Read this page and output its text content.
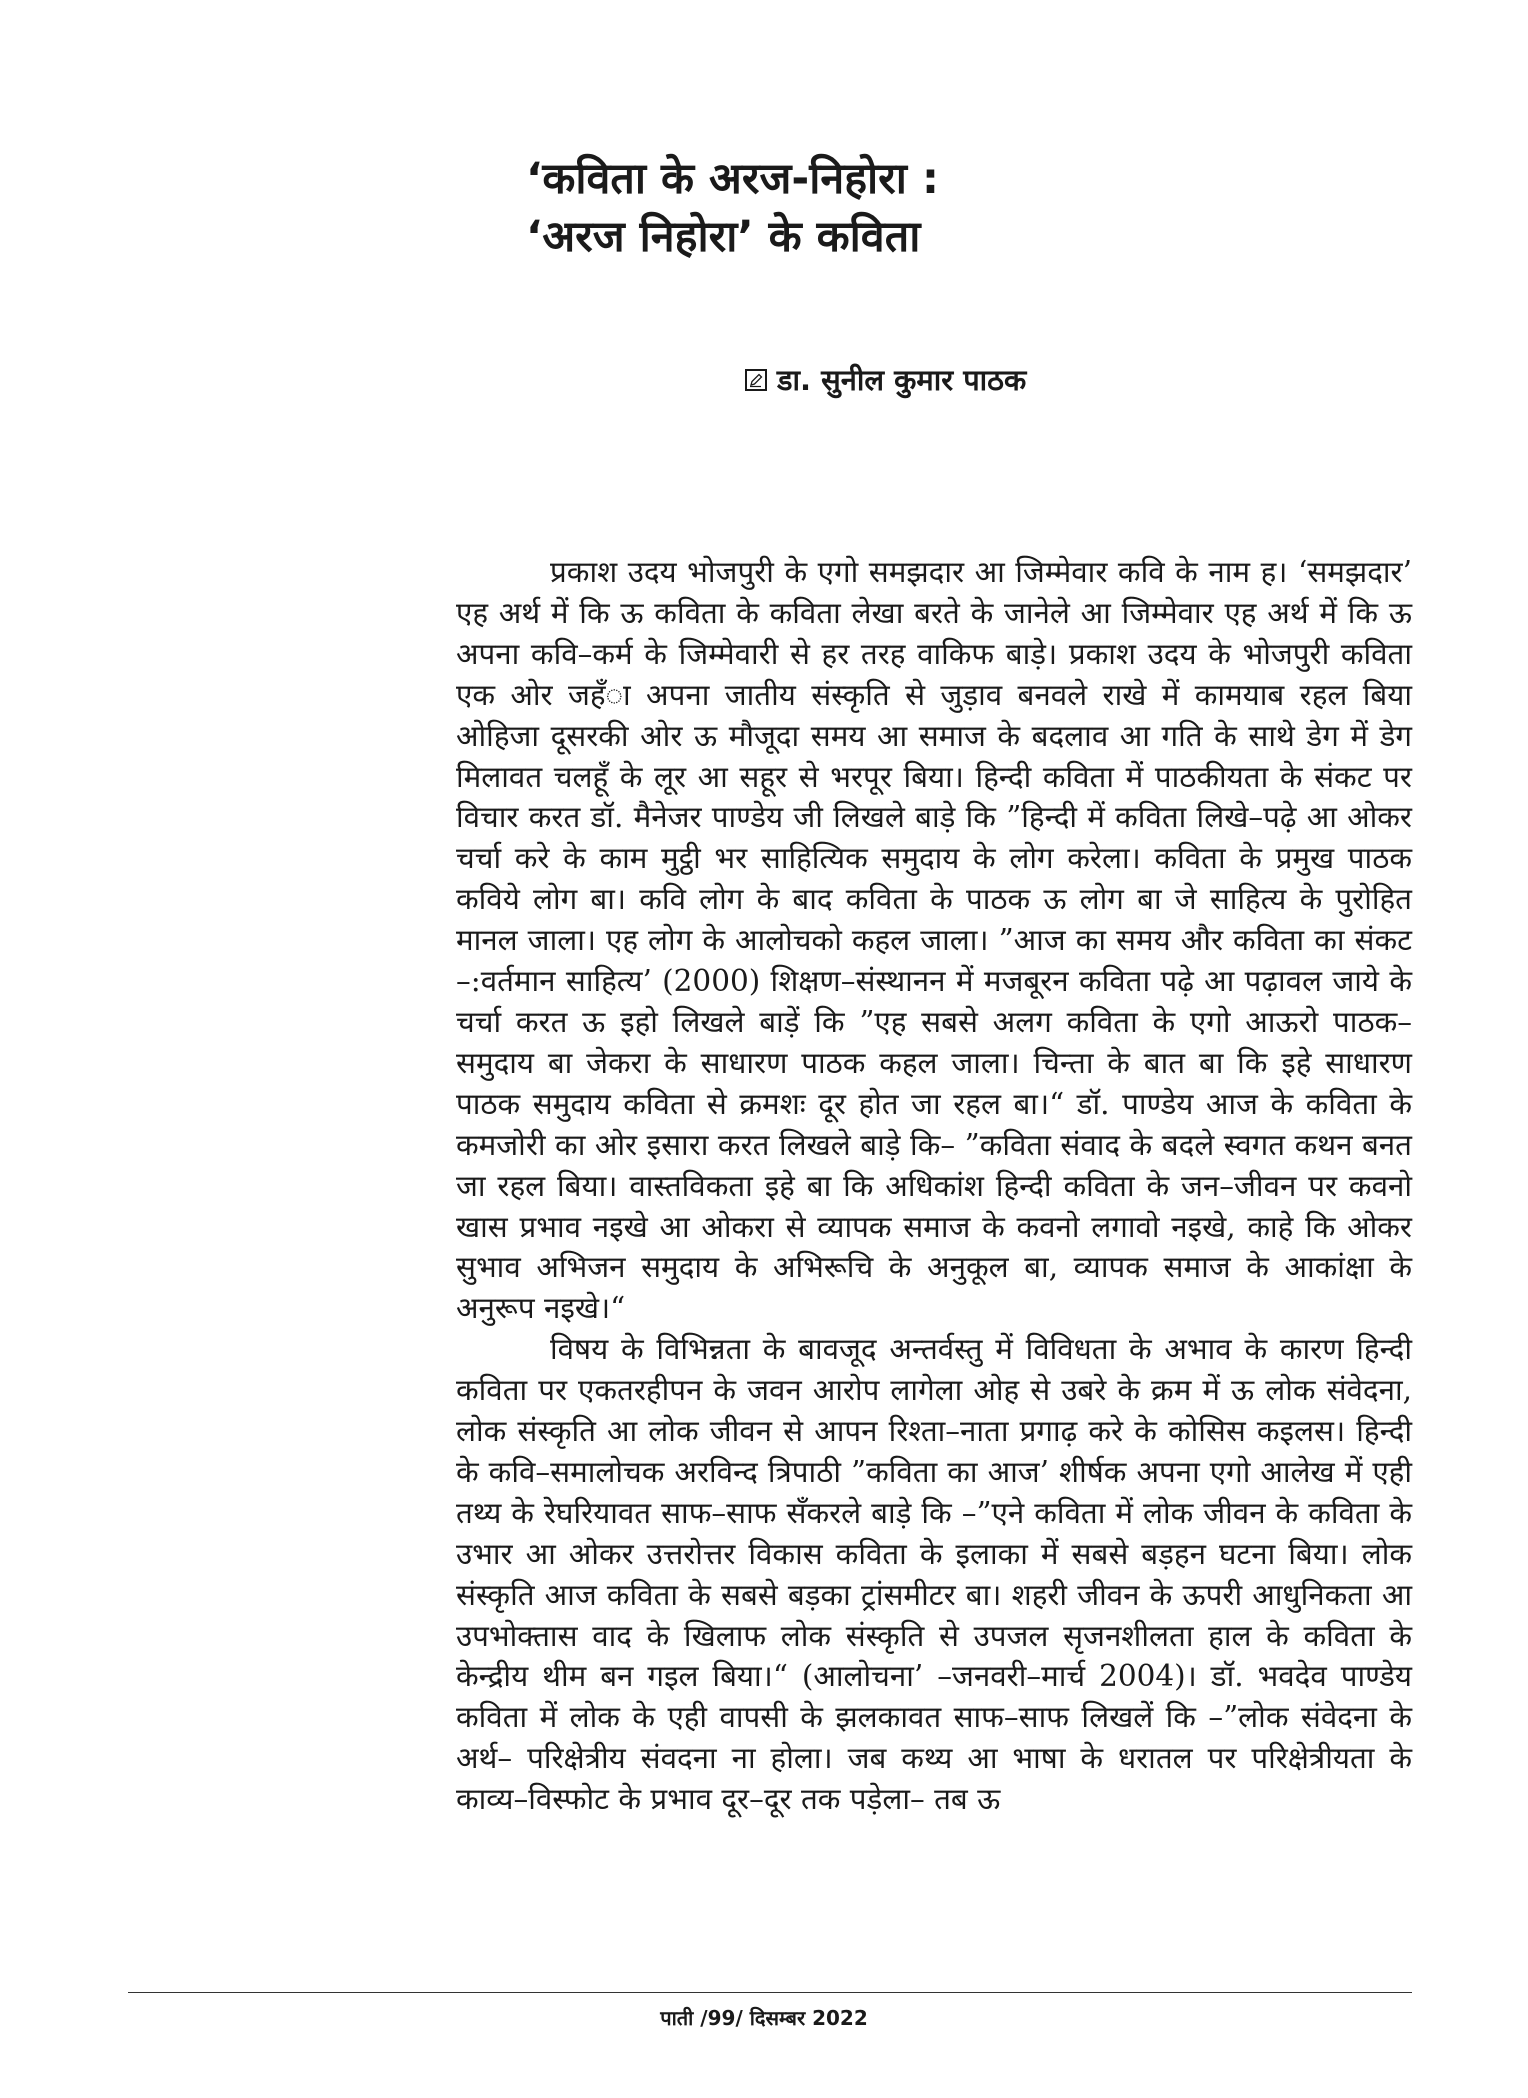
‘कविता के अरज-निहोरा :
‘अरज निहोरा’ के कविता
डा. सुनील कुमार पाठक

प्रकाश उदय भोजपुरी के एगो समझदार आ जिम्मेवार कवि के नाम ह। ‘समझदार’ एह अर्थ में कि ऊ कविता के कविता लेखा बरते के जानेले आ जिम्मेवार एह अर्थ में कि ऊ अपना कवि–कर्म के जिम्मेवारी से हर तरह वाकिफ बाड़े। प्रकाश उदय के भोजपुरी कविता एक ओर जहँा अपना जातीय संस्कृति से जुड़ाव बनवले राखे में कामयाब रहल बिया ओहिजा दूसरकी ओर ऊ मौजूदा समय आ समाज के बदलाव आ गति के साथे डेग में डेग मिलावत चलहूँ के लूर आ सहूर से भरपूर बिया। हिन्दी कविता में पाठकीयता के संकट पर विचार करत डॉ. मैनेजर पाण्डेय जी लिखले बाड़े कि ”हिन्दी में कविता लिखे–पढ़े आ ओकर चर्चा करे के काम मुट्ठी भर साहित्यिक समुदाय के लोग करेला। कविता के प्रमुख पाठक कविये लोग बा। कवि लोग के बाद कविता के पाठक ऊ लोग बा जे साहित्य के पुरोहित मानल जाला। एह लोग के आलोचको कहल जाला। ”आज का समय और कविता का संकट –:वर्तमान साहित्य’ (2000) शिक्षण–संस्थानन में मजबूरन कविता पढ़े आ पढ़ावल जाये के चर्चा करत ऊ इहो लिखले बाड़ें कि ”एह सबसे अलग कविता के एगो आऊरो पाठक–समुदाय बा जेकरा के साधारण पाठक कहल जाला। चिन्ता के बात बा कि इहे साधारण पाठक समुदाय कविता से क्रमशः दूर होत जा रहल बा।“ डॉ. पाण्डेय आज के कविता के कमजोरी का ओर इसारा करत लिखले बाड़े कि– ”कविता संवाद के बदले स्वगत कथन बनत जा रहल बिया। वास्तविकता इहे बा कि अधिकांश हिन्दी कविता के जन–जीवन पर कवनो खास प्रभाव नइखे आ ओकरा से व्यापक समाज के कवनो लगावो नइखे, काहे कि ओकर सुभाव अभिजन समुदाय के अभिरूचि के अनुकूल बा, व्यापक समाज के आकांक्षा के अनुरूप नइखे।“

विषय के विभिन्नता के बावजूद अन्तर्वस्तु में विविधता के अभाव के कारण हिन्दी कविता पर एकतरहीपन के जवन आरोप लागेला ओह से उबरे के क्रम में ऊ लोक संवेदना, लोक संस्कृति आ लोक जीवन से आपन रिश्ता–नाता प्रगाढ़ करे के कोसिस कइलस। हिन्दी के कवि–समालोचक अरविन्द त्रिपाठी ”कविता का आज’ शीर्षक अपना एगो आलेख में एही तथ्य के रेघरियावत साफ–साफ सँकरले बाड़े कि –”एने कविता में लोक जीवन के कविता के उभार आ ओकर उत्तरोत्तर विकास कविता के इलाका में सबसे बड़हन घटना बिया। लोक संस्कृति आज कविता के सबसे बड़का ट्रांसमीटर बा। शहरी जीवन के ऊपरी आधुनिकता आ उपभोक्तास वाद के खिलाफ लोक संस्कृति से उपजल सृजनशीलता हाल के कविता के केन्द्रीय थीम बन गइल बिया।“ (आलोचना’ –जनवरी–मार्च 2004)। डॉ. भवदेव पाण्डेय कविता में लोक के एही वापसी के झलकावत साफ–साफ लिखलें कि –”लोक संवेदना के अर्थ– परिक्षेत्रीय संवदना ना होला। जब कथ्य आ भाषा के धरातल पर परिक्षेत्रीयता के काव्य–विस्फोट के प्रभाव दूर–दूर तक पड़ेला– तब ऊ

पाती /99/ दिसम्बर 2022
